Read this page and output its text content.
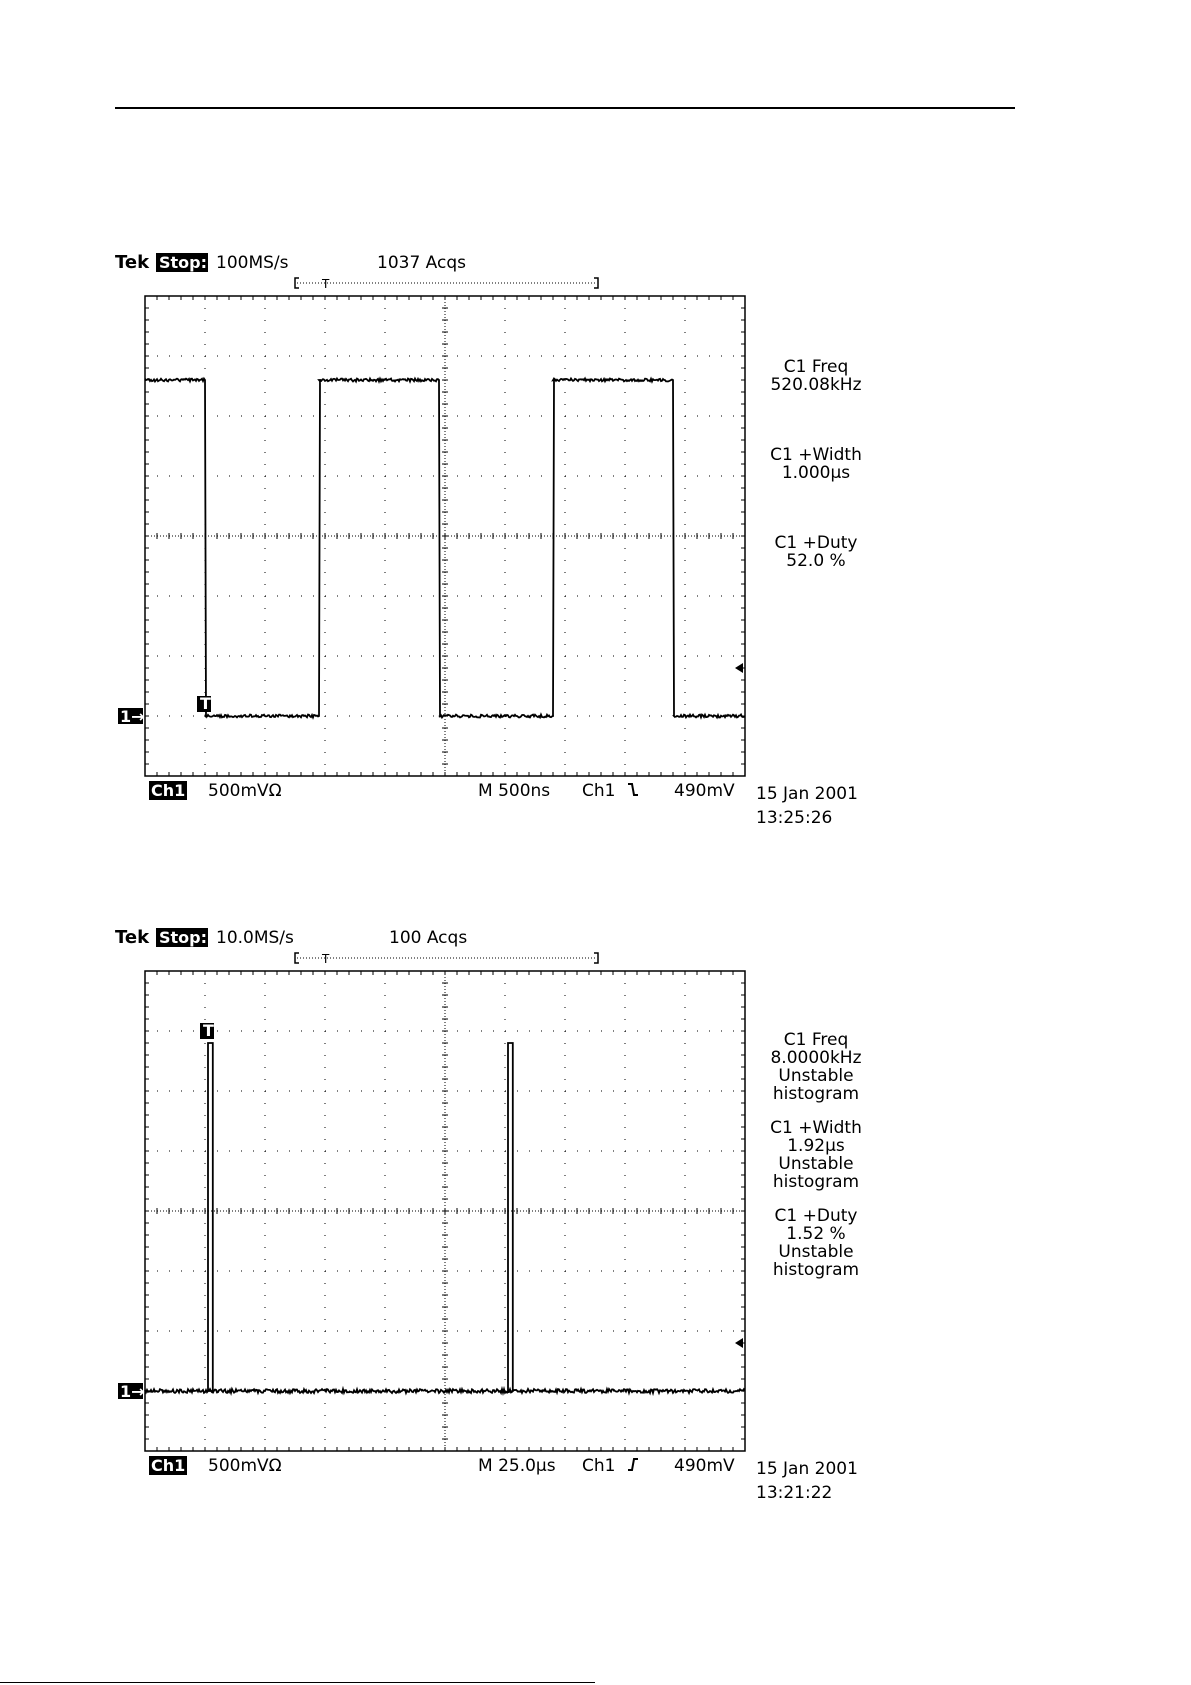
Tek Stop: 100MS/s	1037 Acqs
T
1→
T
Ch1 500mVΩ	M 500ns Ch1	490mV 15 Jan 2001
13:25:26
C1 Freq
520.08kHz
C1 +Width
1.000µs
C1 +Duty
52.0 %
Tek Stop: 10.0MS/s	100 Acqs
T
1→
T
Ch1 500mVΩ	M 25.0µs Ch1	490mV 15 Jan 2001
13:21:22
C1 Freq
8.0000kHz
Unstable
histogram
C1 +Width
1.92µs
Unstable
histogram
C1 +Duty
1.52 %
Unstable
histogram
